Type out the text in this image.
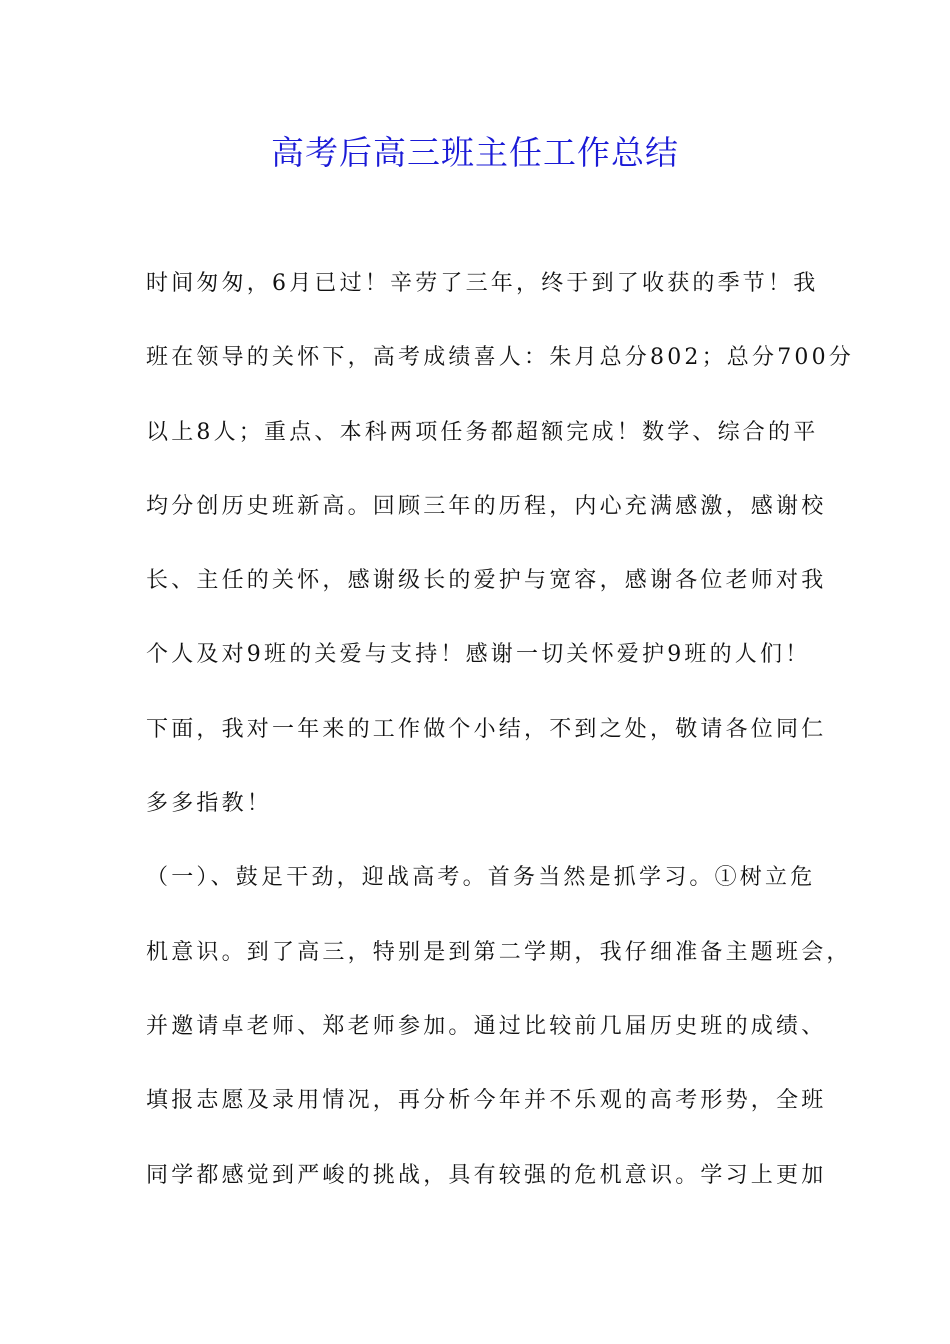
高考后高三班主任工作总结
时间匆匆，6月已过！辛劳了三年，终于到了收获的季节！我
班在领导的关怀下，高考成绩喜人：朱月总分802；总分700分
以上8人；重点、本科两项任务都超额完成！数学、综合的平
均分创历史班新高。回顾三年的历程，内心充满感激，感谢校
长、主任的关怀，感谢级长的爱护与宽容，感谢各位老师对我
个人及对9班的关爱与支持！感谢一切关怀爱护9班的人们！
下面，我对一年来的工作做个小结，不到之处，敬请各位同仁
多多指教！
（一）、鼓足干劲，迎战高考。首务当然是抓学习。①树立危
机意识。到了高三，特别是到第二学期，我仔细准备主题班会，
并邀请卓老师、郑老师参加。通过比较前几届历史班的成绩、
填报志愿及录用情况，再分析今年并不乐观的高考形势，全班
同学都感觉到严峻的挑战，具有较强的危机意识。学习上更加
